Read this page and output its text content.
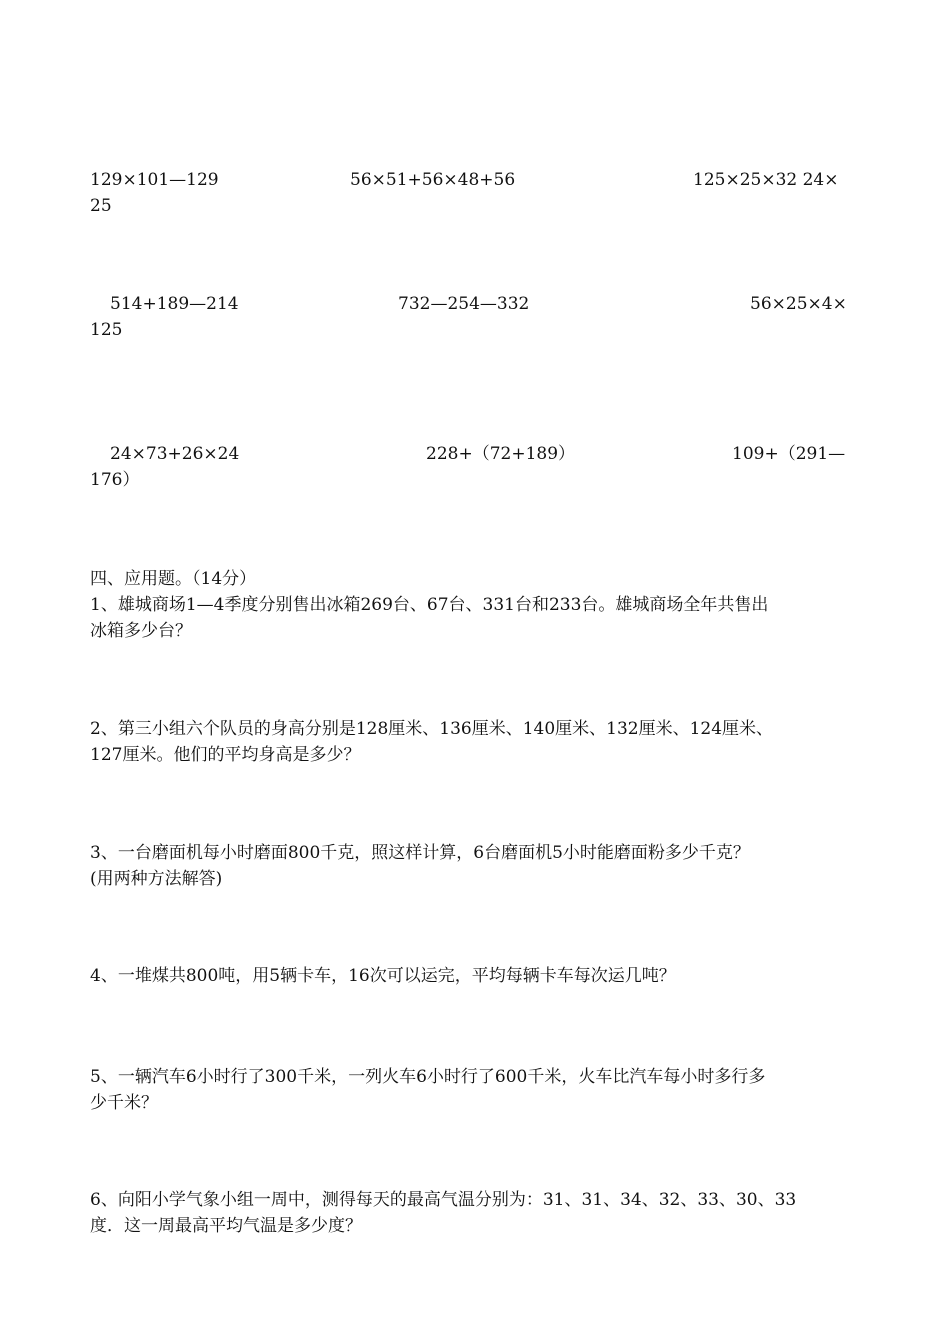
129×101—129	56×51+56×48+56	125×25×32 24×
25
514+189—214	732—254—332	56×25×4×
125
24×73+26×24	228+（72+189）	109+（291—
176）
四、应用题。（14分）
1、雄城商场1—4季度分别售出冰箱269台、67台、331台和233台。雄城商场全年共售出
冰箱多少台？
2、第三小组六个队员的身高分别是128厘米、136厘米、140厘米、132厘米、124厘米、
127厘米。他们的平均身高是多少？
3、一台磨面机每小时磨面800千克，照这样计算，6台磨面机5小时能磨面粉多少千克？
(用两种方法解答)
4、一堆煤共800吨，用5辆卡车，16次可以运完，平均每辆卡车每次运几吨？
5、一辆汽车6小时行了300千米，一列火车6小时行了600千米，火车比汽车每小时多行多
少千米？
6、向阳小学气象小组一周中，测得每天的最高气温分别为：31、31、34、32、33、30、33
度．这一周最高平均气温是多少度？
